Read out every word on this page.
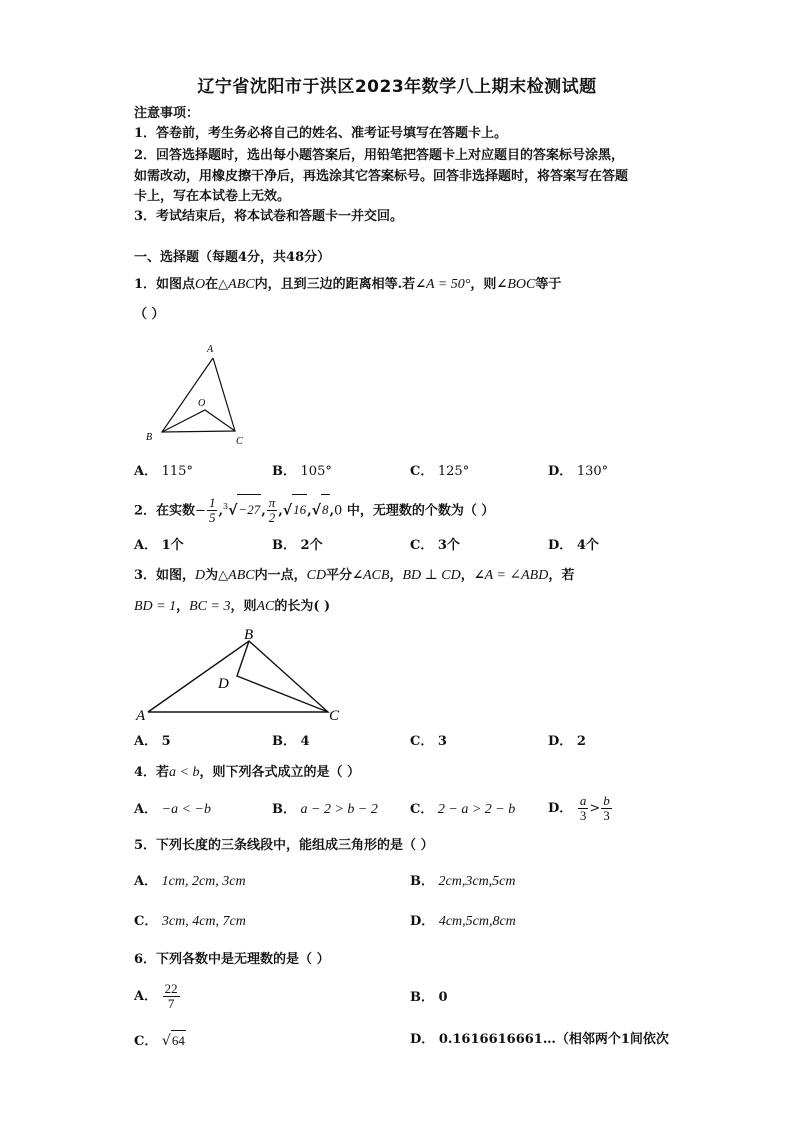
辽宁省沈阳市于洪区2023年数学八上期末检测试题
注意事项：
1．答卷前，考生务必将自己的姓名、准考证号填写在答题卡上。
2．回答选择题时，选出每小题答案后，用铅笔把答题卡上对应题目的答案标号涂黑，
如需改动，用橡皮擦干净后，再选涂其它答案标号。回答非选择题时，将答案写在答题
卡上，写在本试卷上无效。
3．考试结束后，将本试卷和答题卡一并交回。
一、选择题（每题4分，共48分）
1．如图点O在△ABC内，且到三边的距离相等.若∠A = 50°，则∠BOC等于
（ ）
A
O
B	C
A． 115°	B． 105°	C． 125°	D． 130°
2．在实数− $\frac{1}{5} ,^3√-27$, $\frac{\pi}{2} ,√16,√8,0$ 中，无理数的个数为（ ）
A． 1个	B． 2个	C． 3个	D． 4个
3．如图，D为△ABC内一点，CD平分∠ACB，BD ⊥ CD，∠A = ∠ABD，若
BD = 1，BC = 3，则AC的长为( )
B
D
A	C
A． 5	B． 4	C． 3	D． 2
4．若a < b，则下列各式成立的是（ ）
A． −a < −b	B． a − 2 > b − 2 C． 2 − a > 2 − b	D． $\frac{a}{3} > \frac{b}{3}$
5．下列长度的三条线段中，能组成三角形的是（ ）
A． 1cm, 2cm, 3cm	B． 2cm,3cm,5cm
C． 3cm, 4cm, 7cm	D． 4cm,5cm,8cm
6．下列各数中是无理数的是（ ）
A． $\frac{22}{7}$	B． 0
C． √64	D． 0.1616616661…（相邻两个1间依次
